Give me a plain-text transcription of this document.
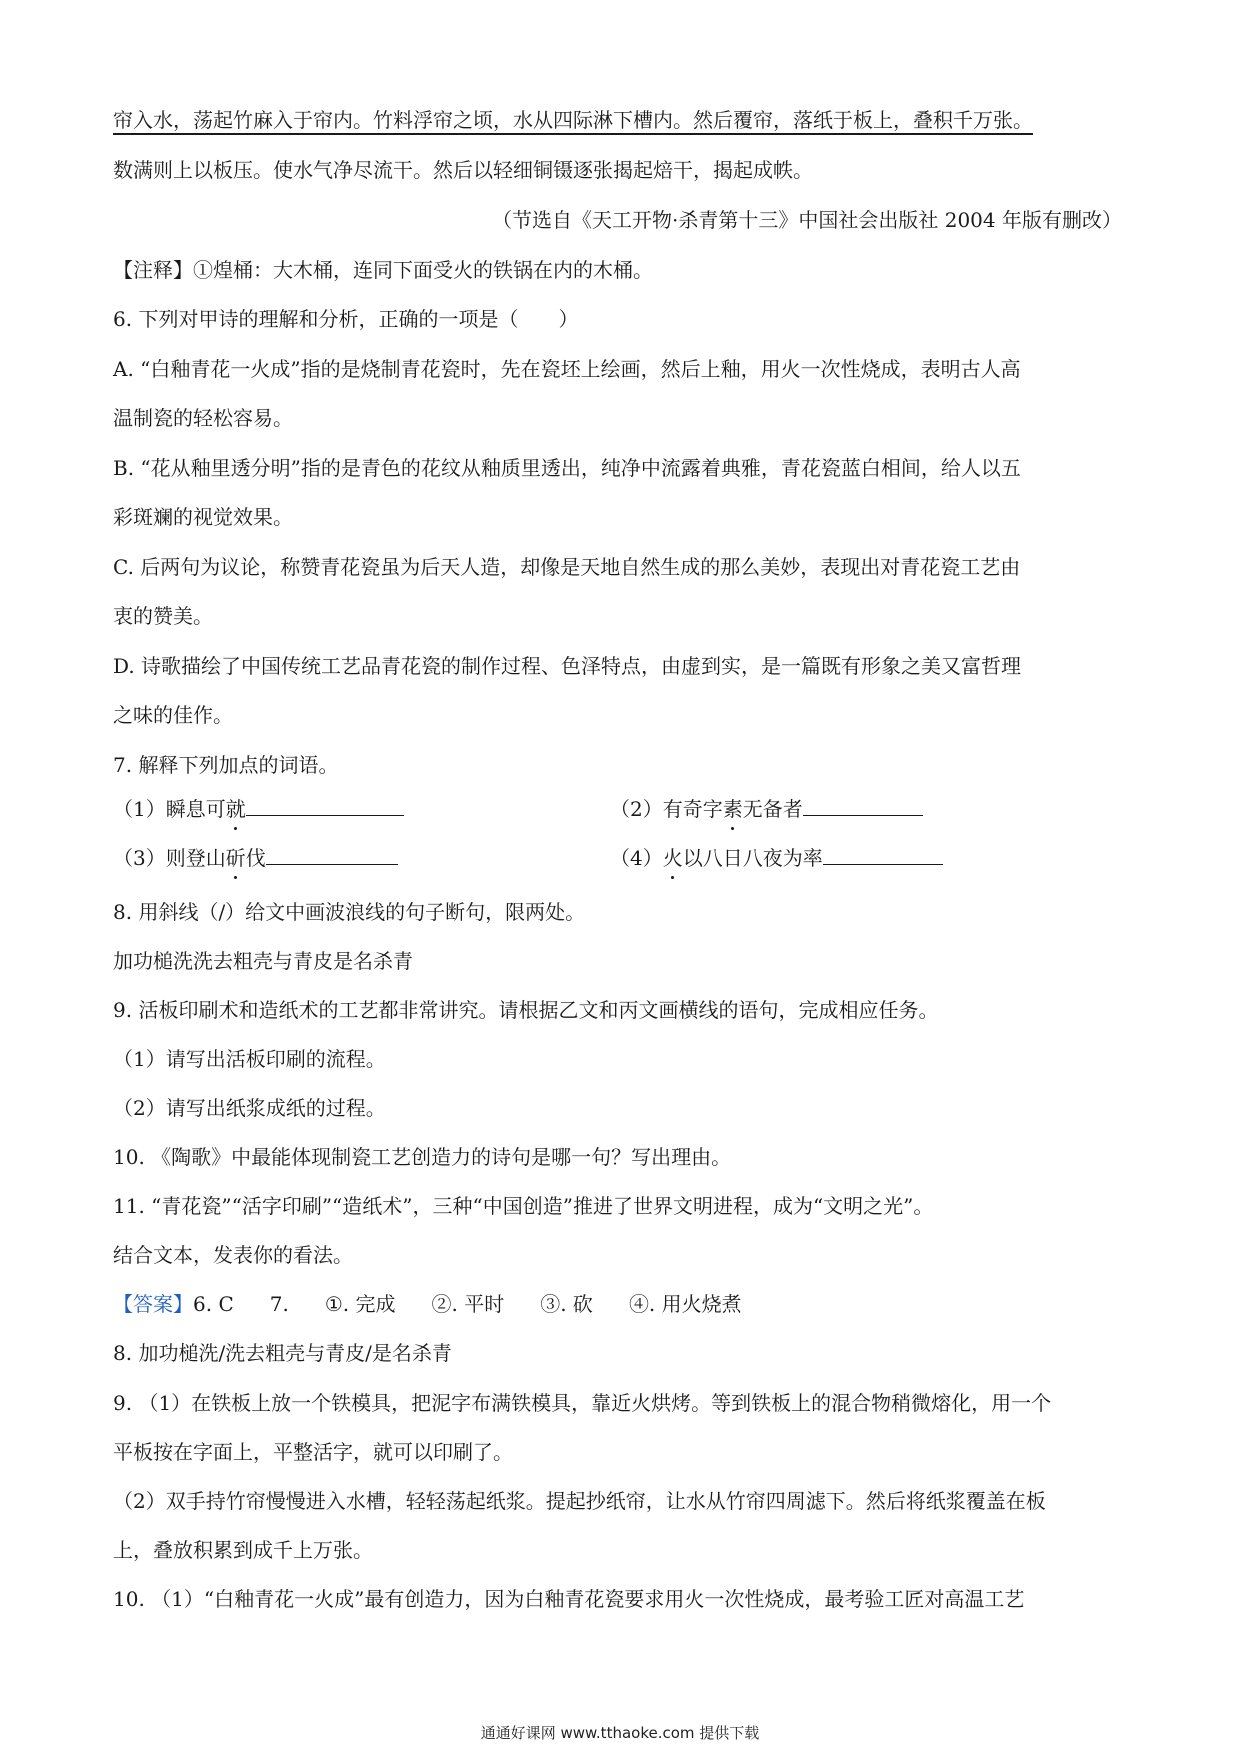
帘入水，荡起竹麻入于帘内。竹料浮帘之顷，水从四际淋下槽内。然后覆帘，落纸于板上，叠积千万张。
数满则上以板压。使水气净尽流干。然后以轻细铜镊逐张揭起焙干，揭起成帙。
（节选自《天工开物·杀青第十三》中国社会出版社 2004 年版有删改）
【注释】①煌桶：大木桶，连同下面受火的铁锅在内的木桶。
6. 下列对甲诗的理解和分析，正确的一项是（　　）
A. “白釉青花一火成”指的是烧制青花瓷时，先在瓷坯上绘画，然后上釉，用火一次性烧成，表明古人高
温制瓷的轻松容易。
B. “花从釉里透分明”指的是青色的花纹从釉质里透出，纯净中流露着典雅，青花瓷蓝白相间，给人以五
彩斑斓的视觉效果。
C. 后两句为议论，称赞青花瓷虽为后天人造，却像是天地自然生成的那么美妙，表现出对青花瓷工艺由
衷的赞美。
D. 诗歌描绘了中国传统工艺品青花瓷的制作过程、色泽特点，由虚到实，是一篇既有形象之美又富哲理
之味的佳作。
7. 解释下列加点的词语。
（1）瞬息可就	（2）有奇字素无备者
（3）则登山斫伐	（4）火以八日八夜为率
8. 用斜线（/）给文中画波浪线的句子断句，限两处。
加功槌洗洗去粗壳与青皮是名杀青
9. 活板印刷术和造纸术的工艺都非常讲究。请根据乙文和丙文画横线的语句，完成相应任务。
（1）请写出活板印刷的流程。
（2）请写出纸浆成纸的过程。
10. 《陶歌》中最能体现制瓷工艺创造力的诗句是哪一句？写出理由。
11. “青花瓷”“活字印刷”“造纸术”，三种“中国创造”推进了世界文明进程，成为“文明之光”。
结合文本，发表你的看法。
【答案】6. C 7. ①. 完成 ②. 平时 ③. 砍 ④. 用火烧煮
8. 加功槌洗/洗去粗壳与青皮/是名杀青
9. （1）在铁板上放一个铁模具，把泥字布满铁模具，靠近火烘烤。等到铁板上的混合物稍微熔化，用一个
平板按在字面上，平整活字，就可以印刷了。
（2）双手持竹帘慢慢进入水槽，轻轻荡起纸浆。提起抄纸帘，让水从竹帘四周滤下。然后将纸浆覆盖在板
上，叠放积累到成千上万张。
10. （1）“白釉青花一火成”最有创造力，因为白釉青花瓷要求用火一次性烧成，最考验工匠对高温工艺
通通好课网 www.tthaoke.com 提供下载
